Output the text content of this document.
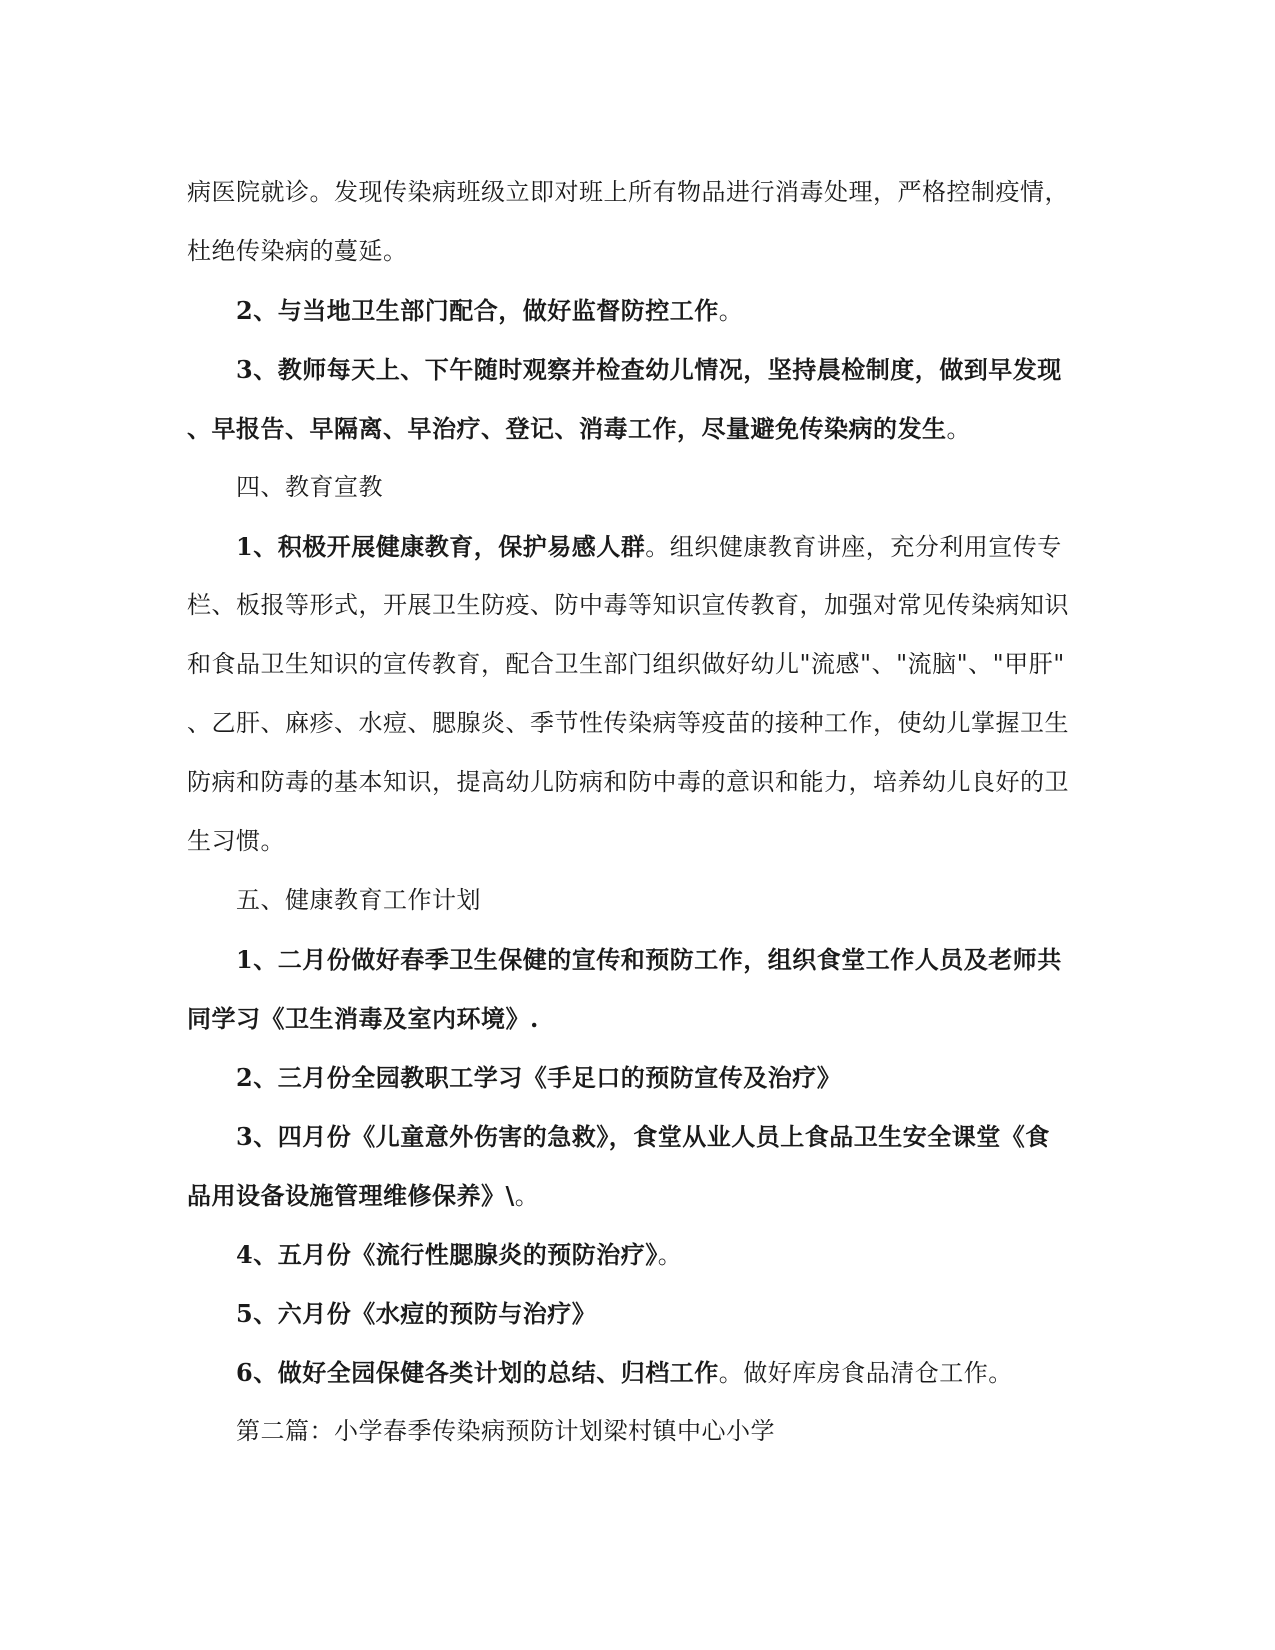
病医院就诊。发现传染病班级立即对班上所有物品进行消毒处理，严格控制疫情，
杜绝传染病的蔓延。
2、与当地卫生部门配合，做好监督防控工作。
3、教师每天上、下午随时观察并检查幼儿情况，坚持晨检制度，做到早发现
、早报告、早隔离、早治疗、登记、消毒工作，尽量避免传染病的发生。
四、教育宣教
1、积极开展健康教育，保护易感人群。组织健康教育讲座，充分利用宣传专
栏、板报等形式，开展卫生防疫、防中毒等知识宣传教育，加强对常见传染病知识
和食品卫生知识的宣传教育，配合卫生部门组织做好幼儿"流感"、"流脑"、"甲肝"
、乙肝、麻疹、水痘、腮腺炎、季节性传染病等疫苗的接种工作，使幼儿掌握卫生
防病和防毒的基本知识，提高幼儿防病和防中毒的意识和能力，培养幼儿良好的卫
生习惯。
五、健康教育工作计划
1、二月份做好春季卫生保健的宣传和预防工作，组织食堂工作人员及老师共
同学习《卫生消毒及室内环境》.
2、三月份全园教职工学习《手足口的预防宣传及治疗》
3、四月份《儿童意外伤害的急救》，食堂从业人员上食品卫生安全课堂《食
品用设备设施管理维修保养》\。
4、五月份《流行性腮腺炎的预防治疗》。
5、六月份《水痘的预防与治疗》
6、做好全园保健各类计划的总结、归档工作。做好库房食品清仓工作。
第二篇：小学春季传染病预防计划梁村镇中心小学
